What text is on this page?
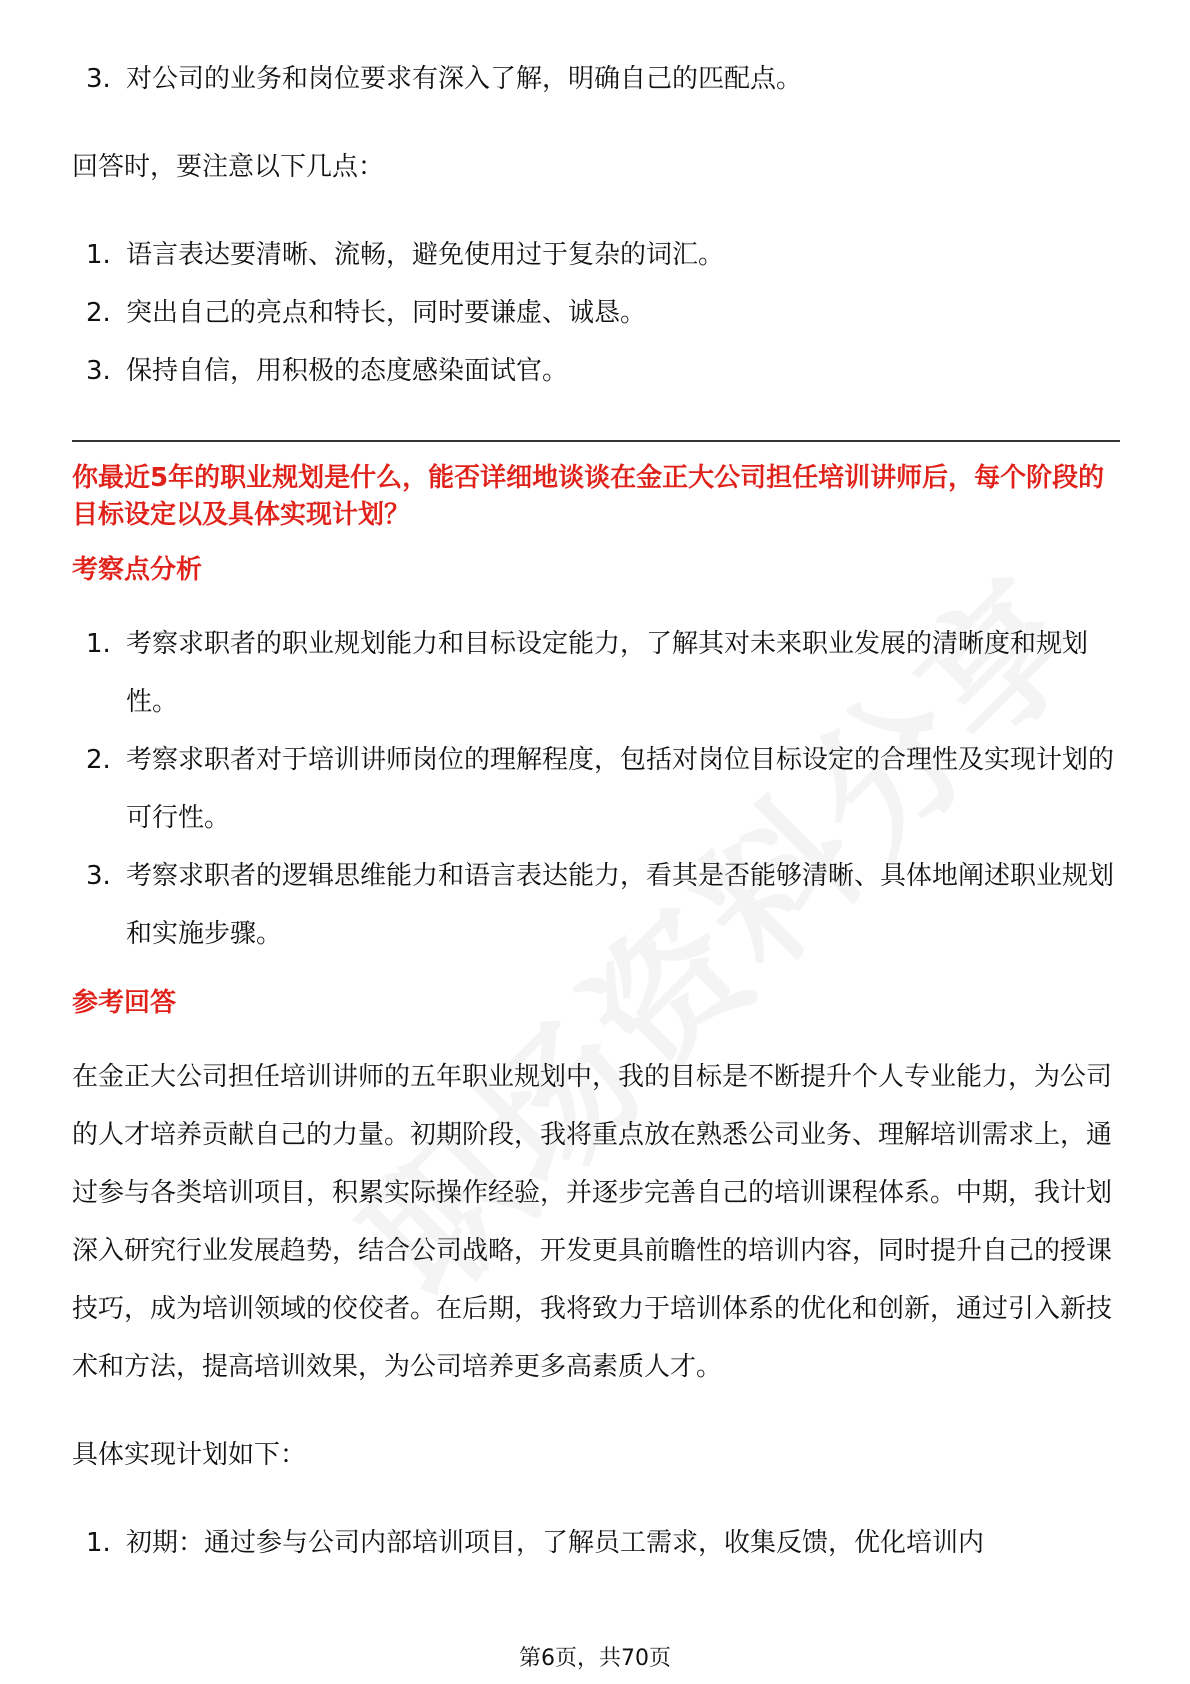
3. 对公司的业务和岗位要求有深入了解，明确自己的匹配点。

回答时，要注意以下几点：

1. 语言表达要清晰、流畅，避免使用过于复杂的词汇。
2. 突出自己的亮点和特长，同时要谦虚、诚恳。
3. 保持自信，用积极的态度感染面试官。

你最近5年的职业规划是什么，能否详细地谈谈在金正大公司担任培训讲师后，每个阶段的目标设定以及具体实现计划？

考察点分析
1. 考察求职者的职业规划能力和目标设定能力，了解其对未来职业发展的清晰度和规划性。
2. 考察求职者对于培训讲师岗位的理解程度，包括对岗位目标设定的合理性及实现计划的可行性。
3. 考察求职者的逻辑思维能力和语言表达能力，看其是否能够清晰、具体地阐述职业规划和实施步骤。
参考回答

在金正大公司担任培训讲师的五年职业规划中，我的目标是不断提升个人专业能力，为公司的人才培养贡献自己的力量。初期阶段，我将重点放在熟悉公司业务、理解培训需求上，通过参与各类培训项目，积累实际操作经验，并逐步完善自己的培训课程体系。中期，我计划深入研究行业发展趋势，结合公司战略，开发更具前瞻性的培训内容，同时提升自己的授课技巧，成为培训领域的佼佼者。在后期，我将致力于培训体系的优化和创新，通过引入新技术和方法，提高培训效果，为公司培养更多高素质人才。

具体实现计划如下：

1. 初期：通过参与公司内部培训项目，了解员工需求，收集反馈，优化培训内
第6页，共70页
